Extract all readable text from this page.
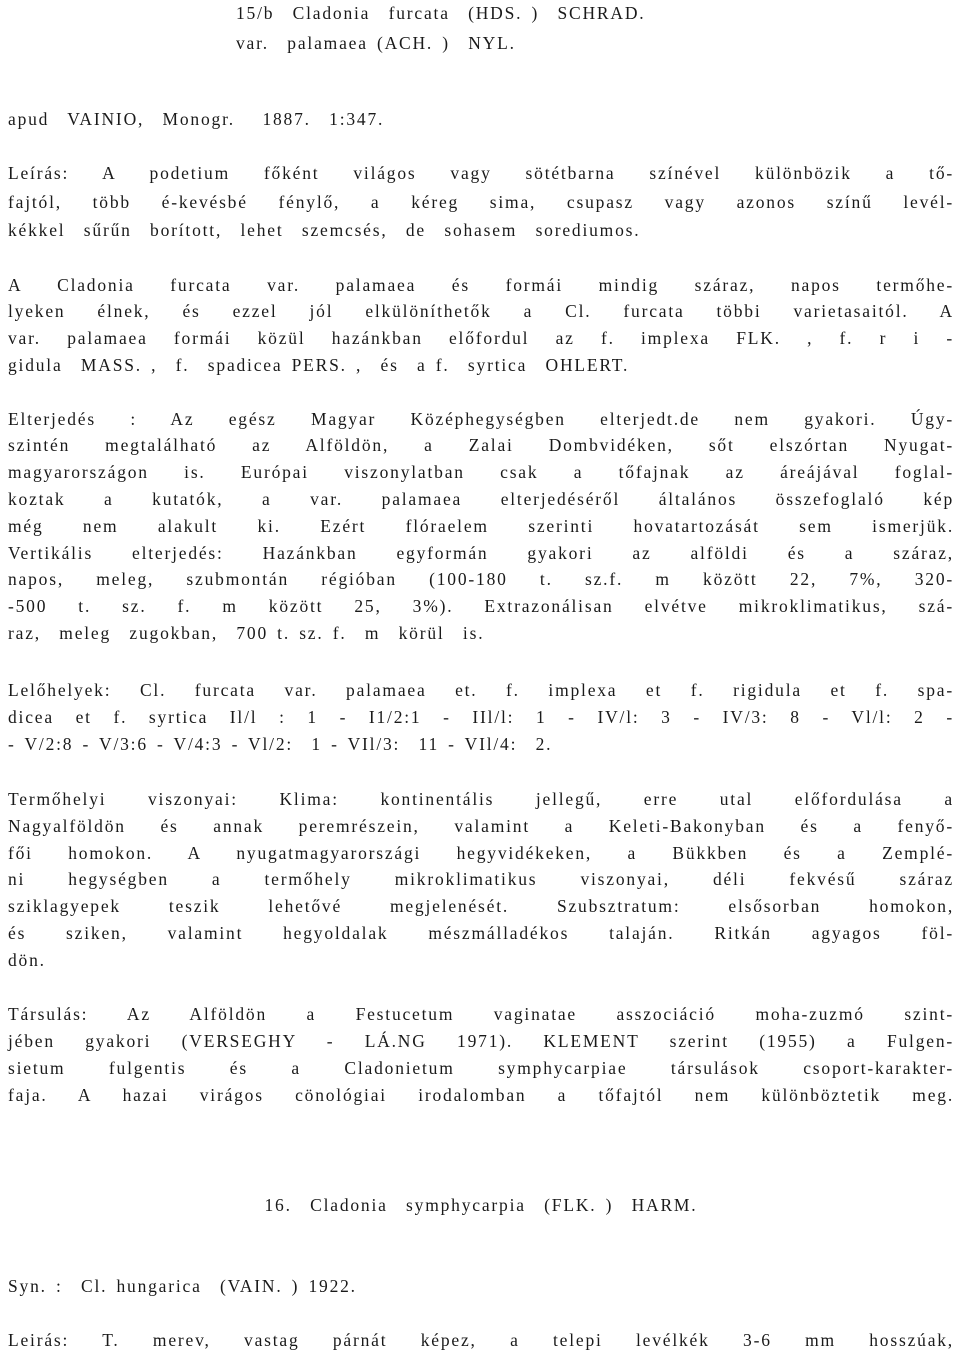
15/b  Cladonia  furcata  (HDS. )  SCHRAD.
var.  palamaea (ACH. )  NYL.
apud  VAINIO,  Monogr.   1887.  1:347.
Leírás: A podetium főként világos vagy sötétbarna színével különbözik a tő-
fajtól, több é-kevésbé fénylő, a kéreg sima, csupasz vagy azonos színű levél-
kékkel  sűrűn  borított,  lehet  szemcsés,  de  sohasem  sorediumos.
A Cladonia furcata var. palamaea és formái mindig száraz, napos termőhe-
lyeken élnek, és ezzel jól elkülöníthetők a Cl. furcata többi varietasaitól. A
var. palamaea formái közül hazánkban előfordul az f. implexa FLK. , f. r i -
gidula  MASS. ,  f.  spadicea PERS. ,  és  a f.  syrtica  OHLERT.
Elterjedés : Az egész Magyar Középhegységben elterjedt.de nem gyakori. Úgy-
szintén megtalálható az Alföldön, a Zalai Dombvidéken, sőt elszórtan Nyugat-
magyarországon is. Európai viszonylatban csak a tőfajnak az áreájával foglal-
koztak a kutatók, a var. palamaea elterjedéséről általános összefoglaló kép
még nem alakult ki. Ezért flóraelem szerinti hovatartozását sem ismerjük.
Vertikális elterjedés: Hazánkban egyformán gyakori az alföldi és a száraz,
napos, meleg, szubmontán régióban (100-180 t. sz.f. m között 22, 7%, 320-
-500 t. sz. f. m között 25, 3%). Extrazonálisan elvétve mikroklimatikus, szá-
raz,  meleg  zugokban,  700 t. sz. f.  m  körül  is.
Lelőhelyek: Cl. furcata var. palamaea et. f. implexa et f. rigidula et f. spa-
dicea et f. syrtica Il/l : 1 - I1/2:1 - IIl/l: 1 - IV/l: 3 - IV/3: 8 - Vl/l: 2 -
- V/2:8 - V/3:6 - V/4:3 - Vl/2:  1 - VIl/3:  11 - VIl/4:  2.
Termőhelyi viszonyai: Klima: kontinentális jellegű, erre utal előfordulása a
Nagyalföldön és annak peremrészein, valamint a Keleti-Bakonyban és a fenyő-
fői homokon. A nyugatmagyarországi hegyvidékeken, a Bükkben és a Zemplé-
ni hegységben a termőhely mikroklimatikus viszonyai, déli fekvésű száraz
sziklagyepek teszik lehetővé megjelenését. Szubsztratum: elsősorban homokon,
és sziken, valamint hegyoldalak mészmálladékos talaján. Ritkán agyagos föl-
dön.
Társulás: Az Alföldön a Festucetum vaginatae asszociáció moha-zuzmó szint-
jében gyakori (VERSEGHY - LÁ.NG 1971). KLEMENT szerint (1955) a Fulgen-
sietum fulgentis és a Cladonietum symphycarpiae társulások csoport-karakter-
faja. A hazai virágos cönológiai irodalomban a tőfajtól nem különböztetik meg.
16.  Cladonia  symphycarpia  (FLK. )  HARM.
Syn. :  Cl. hungarica  (VAIN. ) 1922.
Leirás: T. merev, vastag párnát képez, a telepi levélkék 3-6 mm hosszúak,
